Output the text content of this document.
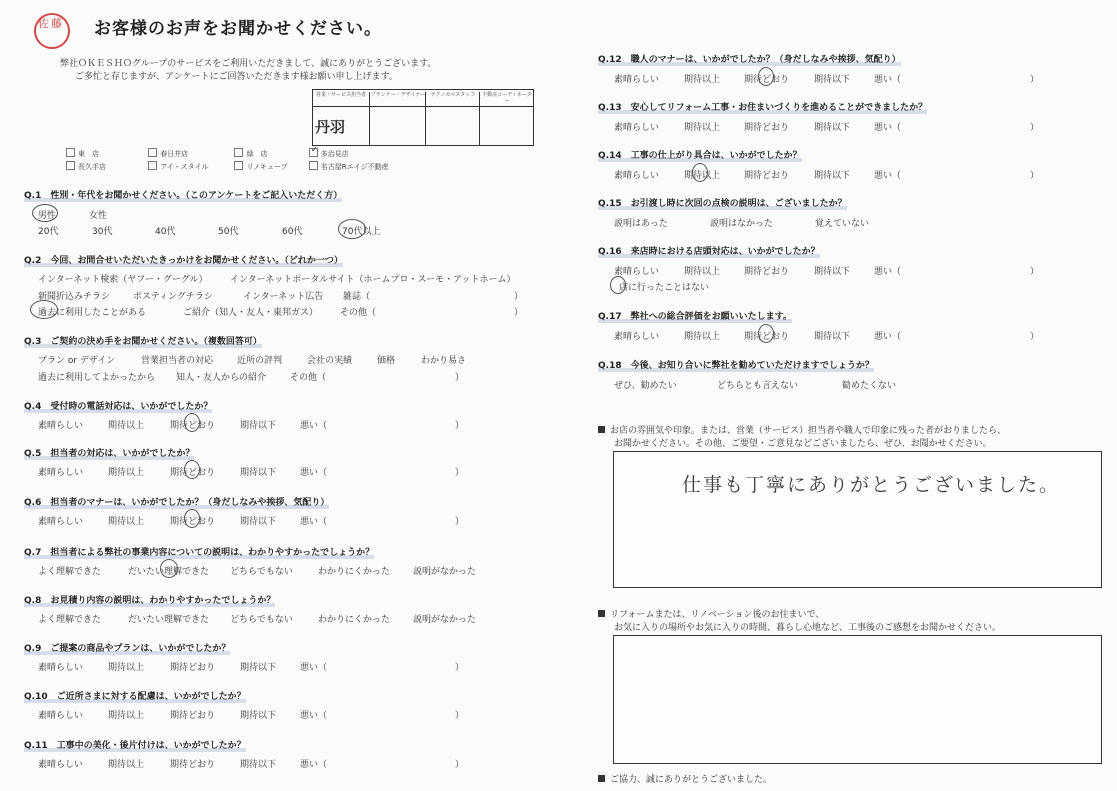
佐藤 お客様のお声をお聞かせください。
弊社ＯＫＥＳＨＯグループのサービスをご利用いただきまして、誠にありがとうございます。
ご多忙と存じますが、アンケートにご回答いただきます様お願い申し上げます。
営業・サービス担当者 プランナー・デザイナー	テクニカルスタッフ	不動産コーディネーター
丹羽
東　店	春日井店	緑　店	✓ 多治見店
長久手店	アイ・スタイル	リノキューブ	名古屋Rエイジ不動産
Q.1　性別・年代をお聞かせください。（このアンケートをご記入いただく方）
男性	女性
20代	30代	40代	50代	60代	70代以上
Q.2　今回、お問合せいただいたきっかけをお聞かせください。（どれか一つ）
インターネット検索（ヤフー・グーグル） インターネットポータルサイト（ホームプロ・スーモ・アットホーム）
新聞折込みチラシ	ポスティングチラシ	インターネット広告 雑誌（	）
過去に利用したことがある	ご紹介（知人・友人・東邦ガス） その他（	）
Q.3　ご契約の決め手をお聞かせください。（複数回答可）
プラン or デザイン	営業担当者の対応	近所の評判	会社の実績	価格	わかり易さ
過去に利用してよかったから 知人・友人からの紹介	その他（	）
Q.4　受付時の電話対応は、いかがでしたか？
素晴らしい	期待以上	期待どおり	期待以下	悪い（	）
Q.5　担当者の対応は、いかがでしたか？
素晴らしい	期待以上	期待どおり	期待以下	悪い（	）
Q.6　担当者のマナーは、いかがでしたか？（身だしなみや挨拶、気配り）
素晴らしい	期待以上	期待どおり	期待以下	悪い（	）
Q.7　担当者による弊社の事業内容についての説明は、わかりやすかったでしょうか？
よく理解できた	だいたい理解できた どちらでもない	わかりにくかった	説明がなかった
Q.8　お見積り内容の説明は、わかりやすかったでしょうか？
よく理解できた	だいたい理解できた どちらでもない	わかりにくかった	説明がなかった
Q.9　ご提案の商品やプランは、いかがでしたか？
素晴らしい	期待以上	期待どおり	期待以下	悪い（	）
Q.10　ご近所さまに対する配慮は、いかがでしたか？
素晴らしい	期待以上	期待どおり	期待以下	悪い（	）
Q.11　工事中の美化・後片付けは、いかがでしたか？
素晴らしい	期待以上	期待どおり	期待以下	悪い（	）
Q.12　職人のマナーは、いかがでしたか？（身だしなみや挨拶、気配り）
素晴らしい	期待以上	期待どおり	期待以下	悪い（	）
Q.13　安心してリフォーム工事・お住まいづくりを進めることができましたか？
素晴らしい	期待以上	期待どおり	期待以下	悪い（	）
Q.14　工事の仕上がり具合は、いかがでしたか？
素晴らしい	期待以上	期待どおり	期待以下	悪い（	）
Q.15　お引渡し時に次回の点検の説明は、ございましたか？
説明はあった	説明はなかった	覚えていない
Q.16　来店時における店頭対応は、いかがでしたか？
素晴らしい	期待以上	期待どおり	期待以下	悪い（	）
店に行ったことはない
Q.17　弊社への総合評価をお願いいたします。
素晴らしい	期待以上	期待どおり	期待以下	悪い（	）
Q.18　今後、お知り合いに弊社を勧めていただけますでしょうか？
ぜひ、勧めたい	どちらとも言えない	勧めたくない
お店の雰囲気や印象。または、営業（サービス）担当者や職人で印象に残った者がおりましたら、
お聞かせください。その他、ご要望・ご意見などございましたら、ぜひ、お聞かせください。
仕事も丁寧にありがとうございました。
リフォームまたは、リノベーション後のお住まいで、
お気に入りの場所やお気に入りの時間、暮らし心地など、工事後のご感想をお聞かせください。
ご協力、誠にありがとうございました。
